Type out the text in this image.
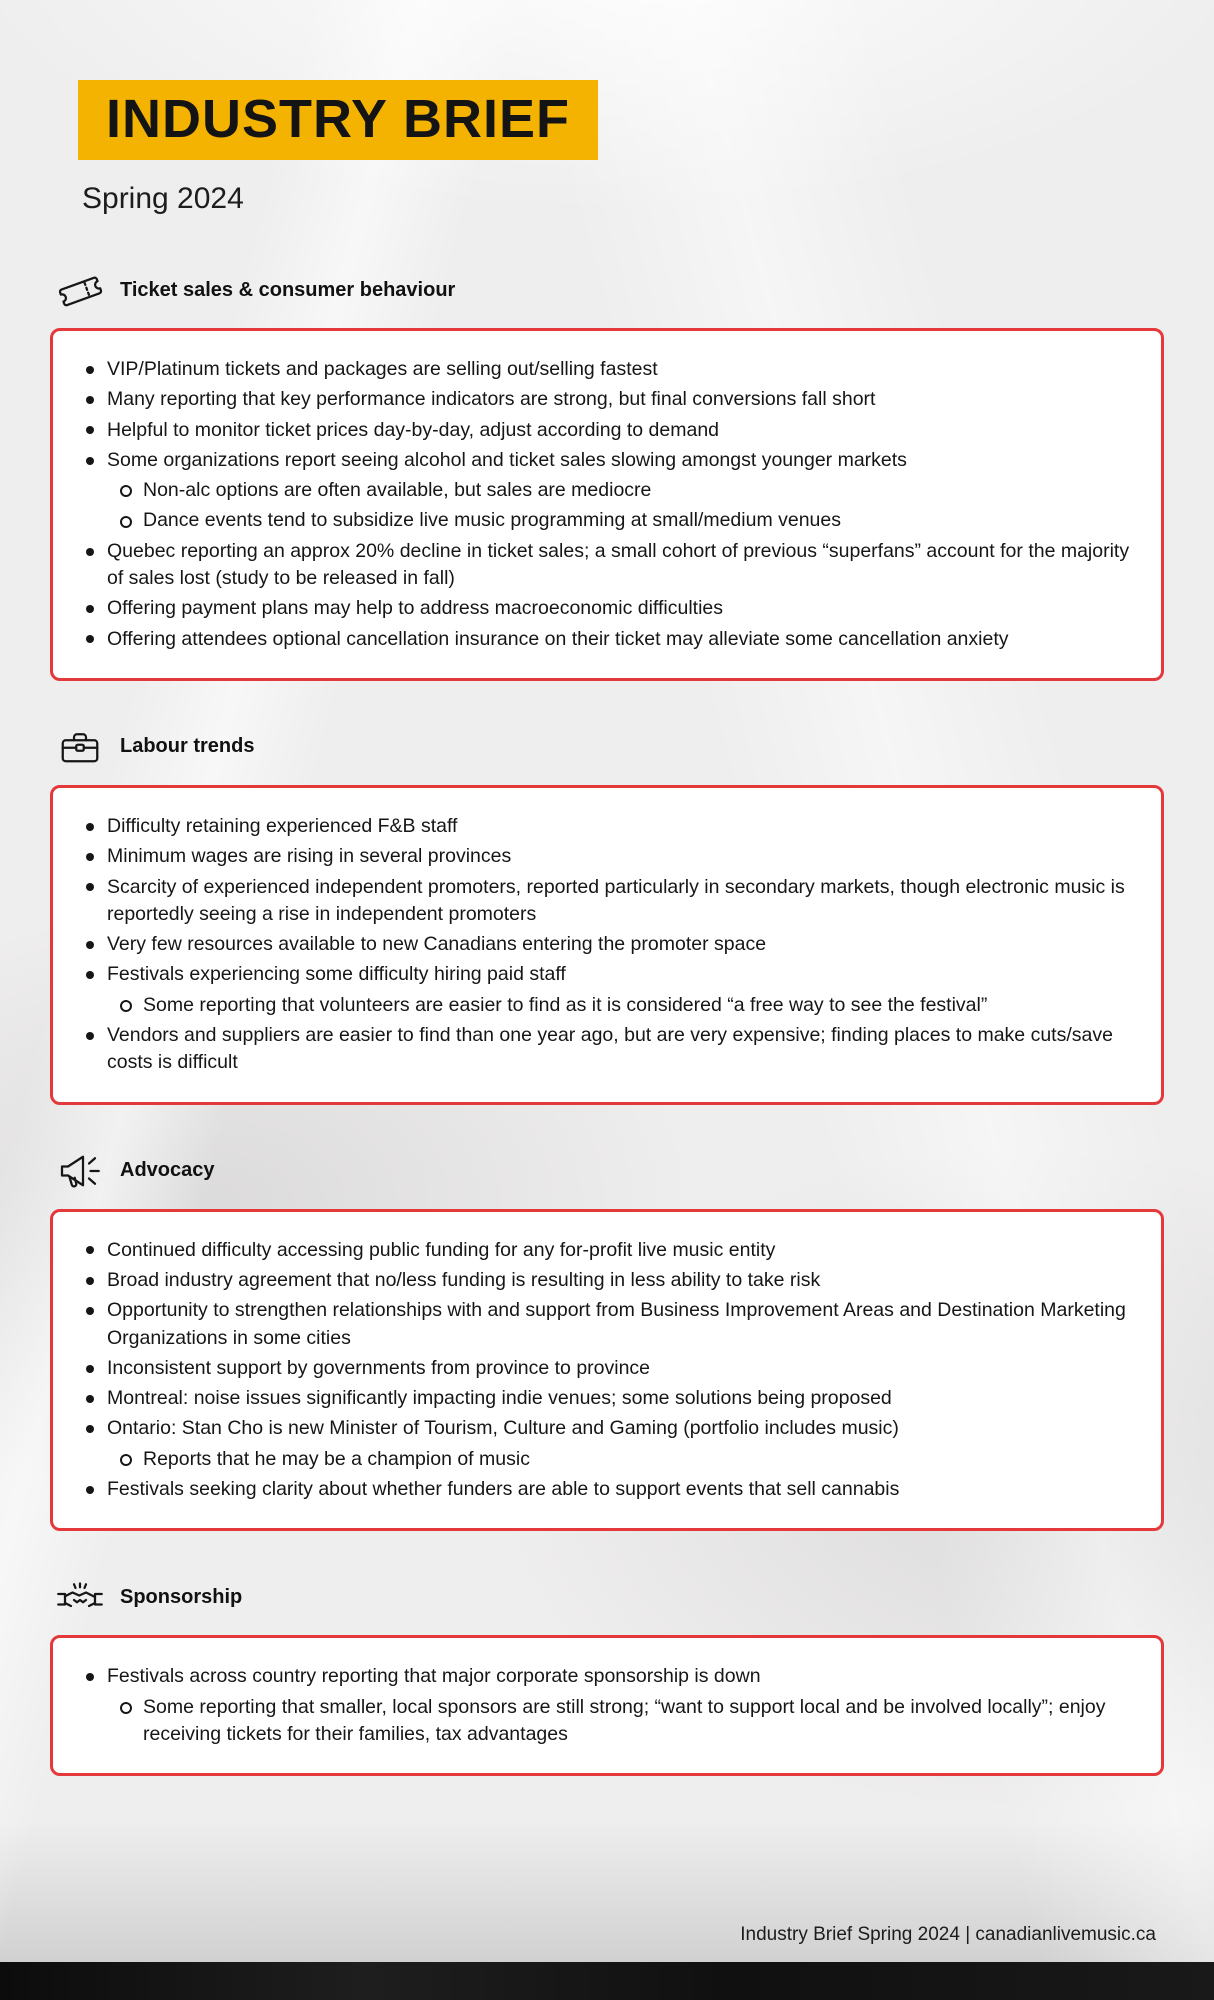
INDUSTRY BRIEF
Spring 2024
Ticket sales & consumer behaviour
VIP/Platinum tickets and packages are selling out/selling fastest
Many reporting that key performance indicators are strong, but final conversions fall short
Helpful to monitor ticket prices day-by-day, adjust according to demand
Some organizations report seeing alcohol and ticket sales slowing amongst younger markets
Non-alc options are often available, but sales are mediocre
Dance events tend to subsidize live music programming at small/medium venues
Quebec reporting an approx 20% decline in ticket sales; a small cohort of previous “superfans” account for the majority of sales lost (study to be released in fall)
Offering payment plans may help to address macroeconomic difficulties
Offering attendees optional cancellation insurance on their ticket may alleviate some cancellation anxiety
Labour trends
Difficulty retaining experienced F&B staff
Minimum wages are rising in several provinces
Scarcity of experienced independent promoters, reported particularly in secondary markets, though electronic music is reportedly seeing a rise in independent promoters
Very few resources available to new Canadians entering the promoter space
Festivals experiencing some difficulty hiring paid staff
Some reporting that volunteers are easier to find as it is considered “a free way to see the festival”
Vendors and suppliers are easier to find than one year ago, but are very expensive; finding places to make cuts/save costs is difficult
Advocacy
Continued difficulty accessing public funding for any for-profit live music entity
Broad industry agreement that no/less funding is resulting in less ability to take risk
Opportunity to strengthen relationships with and support from Business Improvement Areas and Destination Marketing Organizations in some cities
Inconsistent support by governments from province to province
Montreal: noise issues significantly impacting indie venues; some solutions being proposed
Ontario: Stan Cho is new Minister of Tourism, Culture and Gaming (portfolio includes music)
Reports that he may be a champion of music
Festivals seeking clarity about whether funders are able to support events that sell cannabis
Sponsorship
Festivals across country reporting that major corporate sponsorship is down
Some reporting that smaller, local sponsors are still strong; “want to support local and be involved locally”; enjoy receiving tickets for their families, tax advantages
Industry Brief Spring 2024 | canadianlivemusic.ca
